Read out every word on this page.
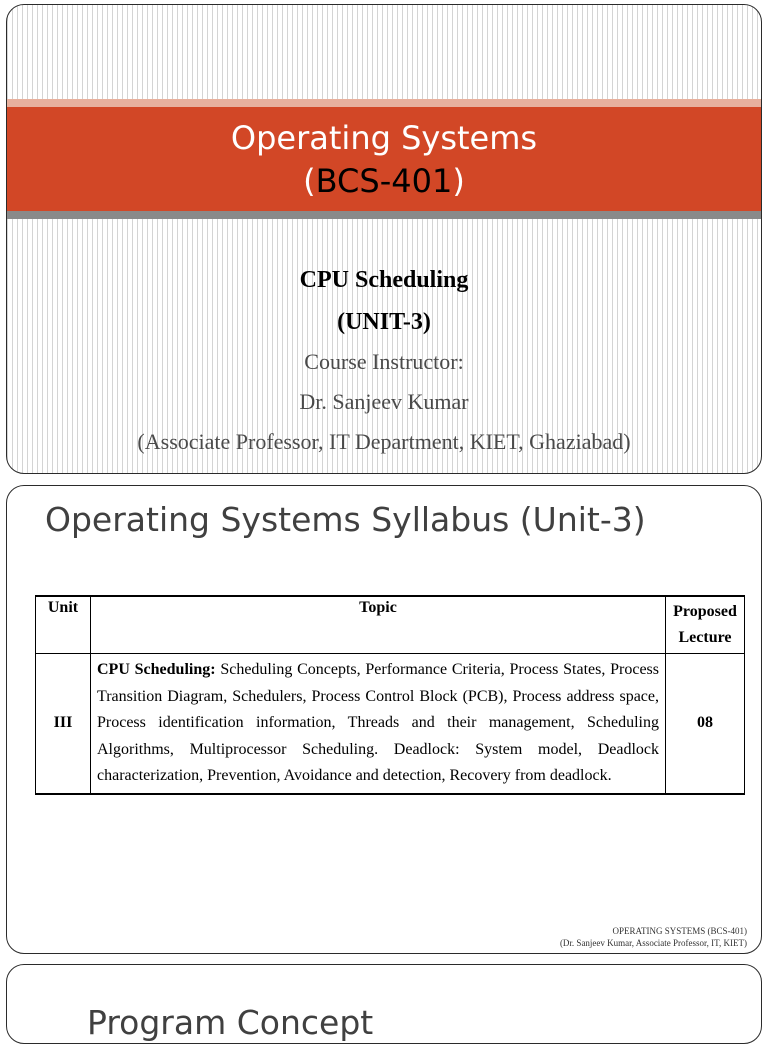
Operating Systems
(BCS-401)
CPU Scheduling
(UNIT-3)
Course Instructor:
Dr. Sanjeev Kumar
(Associate Professor, IT Department, KIET, Ghaziabad)
Operating Systems Syllabus (Unit-3)
Unit	Topic	Proposed Lecture
III	CPU Scheduling: Scheduling Concepts, Performance Criteria, Process States, Process Transition Diagram, Schedulers, Process Control Block (PCB), Process address space, Process identification information, Threads and their management, Scheduling Algorithms, Multiprocessor Scheduling. Deadlock: System model, Deadlock characterization, Prevention, Avoidance and detection, Recovery from deadlock.	08
OPERATING SYSTEMS (BCS-401)
(Dr. Sanjeev Kumar, Associate Professor, IT, KIET)
Program Concept
